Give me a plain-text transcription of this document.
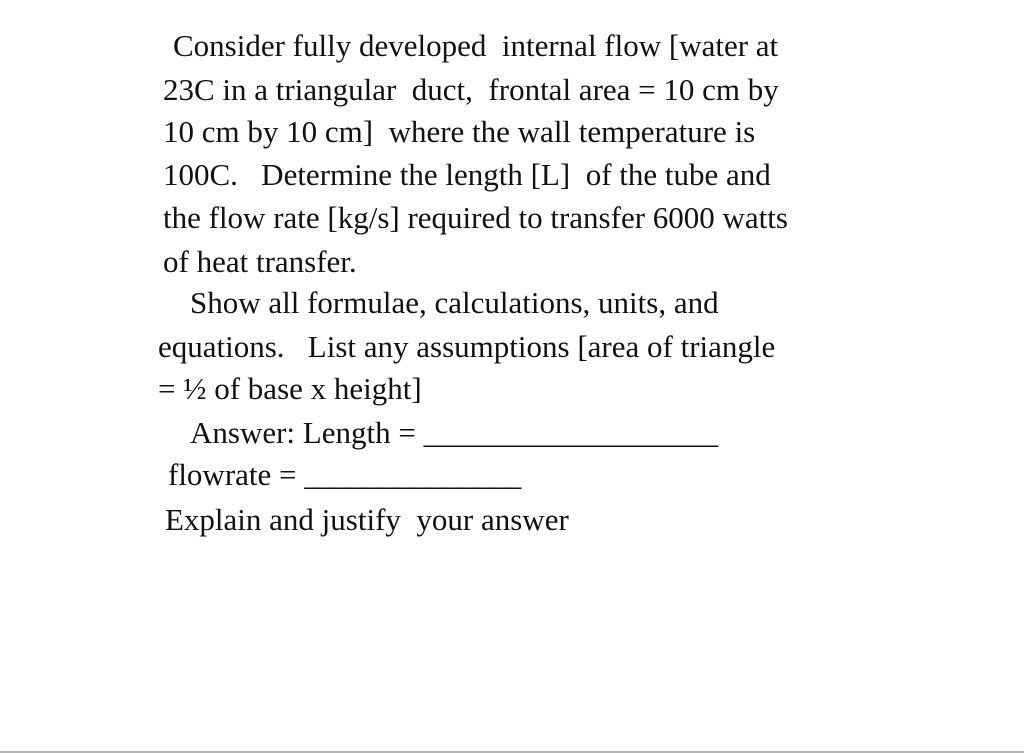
Consider fully developed  internal flow [water at
23C in a triangular  duct,  frontal area = 10 cm by
10 cm by 10 cm]  where the wall temperature is
100C.   Determine the length [L]  of the tube and
the flow rate [kg/s] required to transfer 6000 watts
of heat transfer.
Show all formulae, calculations, units, and
equations.   List any assumptions [area of triangle
= ½ of base x height]
Answer: Length = ___________________
flowrate = ______________
Explain and justify  your answer
